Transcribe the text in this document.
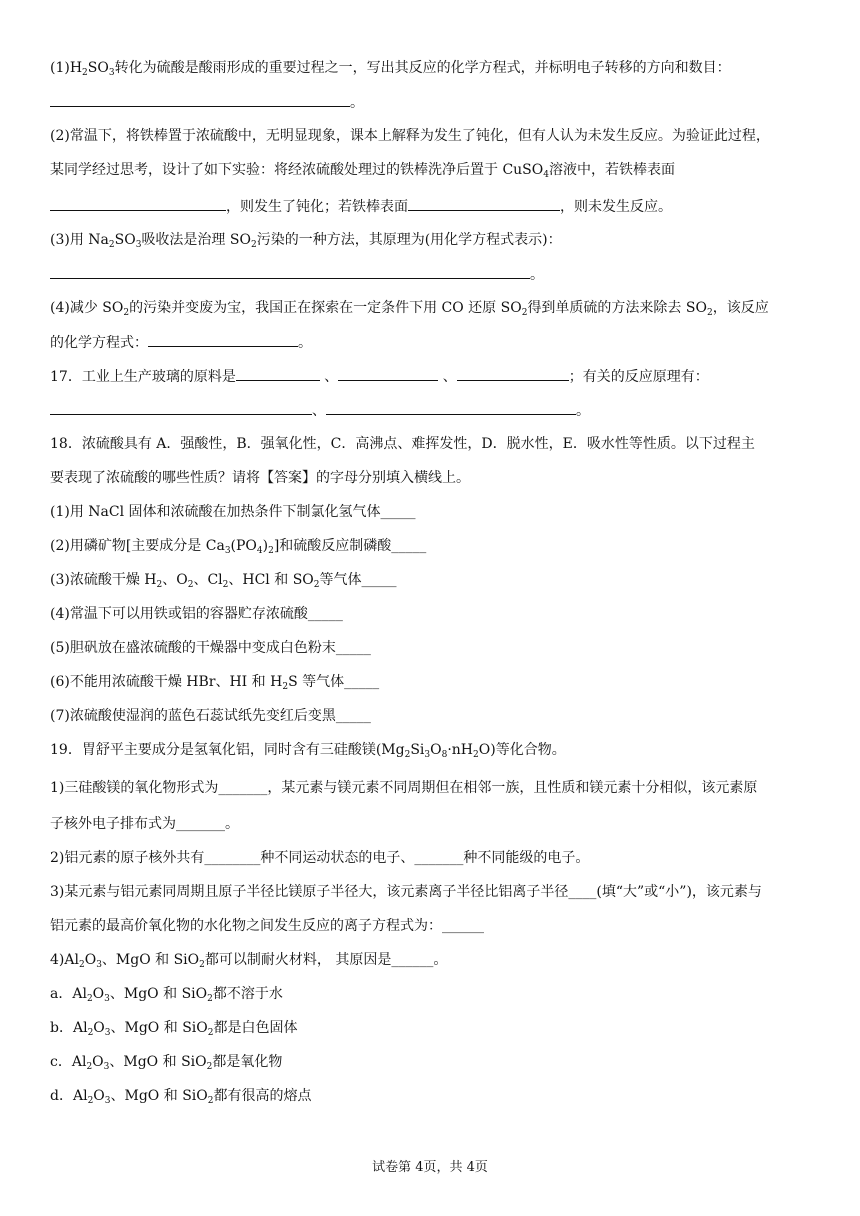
$(1)H_2SO_3$转化为硫酸是酸雨形成的重要过程之一，写出其反应的化学方程式，并标明电子转移的方向和数目：
。
(2)常温下，将铁棒置于浓硫酸中，无明显现象，课本上解释为发生了钝化，但有人认为未发生反应。为验证此过程，
某同学经过思考，设计了如下实验：将经浓硫酸处理过的铁棒洗净后置于 CuSO$_4$溶液中，若铁棒表面
，则发生了钝化；若铁棒表面	，则未发生反应。
(3)用 $Na_2SO_3$吸收法是治理 $SO_2$污染的一种方法，其原理为(用化学方程式表示)：
。
(4)减少 $SO_2$的污染并变废为宝，我国正在探索在一定条件下用 CO 还原 $SO_2$得到单质硫的方法来除去 $SO_2$，该反应
的化学方程式：	。
17．工业上生产玻璃的原料是	、	、	；有关的反应原理有：
、	。
18．浓硫酸具有 A．强酸性，B．强氧化性，C．高沸点、难挥发性，D．脱水性，E．吸水性等性质。以下过程主
要表现了浓硫酸的哪些性质？请将【答案】的字母分别填入横线上。
(1)用 NaCl 固体和浓硫酸在加热条件下制氯化氢气体_____
(2)用磷矿物[主要成分是 $Ca_3(PO_4)_2$]和硫酸反应制磷酸_____
(3)浓硫酸干燥 $H_2$、$O_2$、$Cl_2$、HCl 和 $SO_2$等气体_____
(4)常温下可以用铁或铝的容器贮存浓硫酸_____
(5)胆矾放在盛浓硫酸的干燥器中变成白色粉末_____
(6)不能用浓硫酸干燥 HBr、HI 和 $H_2S$ 等气体_____
(7)浓硫酸使湿润的蓝色石蕊试纸先变红后变黑_____
19．胃舒平主要成分是氢氧化铝，同时含有三硅酸镁$(Mg_2Si_3O_8\cdot nH_2O)$等化合物。
1)三硅酸镁的氧化物形式为_______，某元素与镁元素不同周期但在相邻一族，且性质和镁元素十分相似，该元素原
子核外电子排布式为_______。
2)铝元素的原子核外共有________种不同运动状态的电子、_______种不同能级的电子。
3)某元素与铝元素同周期且原子半径比镁原子半径大，该元素离子半径比铝离子半径____(填“大”或“小”)，该元素与
铝元素的最高价氧化物的水化物之间发生反应的离子方程式为：______
$4)Al_2O_3$、MgO 和 SiO$_2$都可以制耐火材料， 其原因是______。
a．$Al_2O_3$、MgO 和 SiO$_2$都不溶于水
b．$Al_2O_3$、MgO 和 SiO$_2$都是白色固体
c．$Al_2O_3$、MgO 和 SiO$_2$都是氧化物
d．$Al_2O_3$、MgO 和 SiO$_2$都有很高的熔点
试卷第 4页，共 4页
